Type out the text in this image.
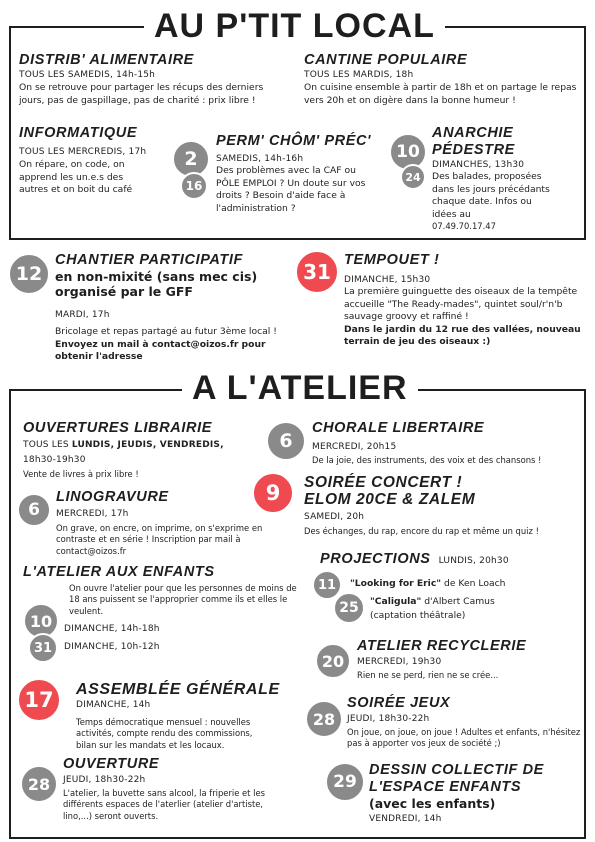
AU P'TIT LOCAL
DISTRIB' ALIMENTAIRE
TOUS LES SAMEDIS, 14h-15h
On se retrouve pour partager les récups des derniers jours, pas de gaspillage, pas de charité : prix libre !
CANTINE POPULAIRE
TOUS LES MARDIS, 18h
On cuisine ensemble à partir de 18h et on partage le repas vers 20h et on digère dans la bonne humeur !
INFORMATIQUE
TOUS LES MERCREDIS, 17h
On répare, on code, on apprend les un.e.s des autres et on boit du café
2
16
PERM' CHÔM' PRÉC'
SAMEDIS, 14h-16h
Des problèmes avec la CAF ou PÔLE EMPLOI ? Un doute sur vos droits ? Besoin d'aide face à l'administration ?
10
24
ANARCHIE
PÉDESTRE
DIMANCHES, 13h30
Des balades, proposées dans les jours précédants chaque date. Infos ou idées au
07.49.70.17.47
12
CHANTIER PARTICIPATIF
en non-mixité (sans mec cis) organisé par le GFF
MARDI, 17h
Bricolage et repas partagé au futur 3ème local !
Envoyez un mail à contact@oizos.fr pour obtenir l'adresse
31 TEMPOUET !
DIMANCHE, 15h30
La première guinguette des oiseaux de la tempête accueille "The Ready-mades", quintet soul/r'n'b sauvage groovy et raffiné !
Dans le jardin du 12 rue des vallées, nouveau terrain de jeu des oiseaux :)
A L'ATELIER
OUVERTURES LIBRAIRIE
TOUS LES LUNDIS, JEUDIS, VENDREDIS,
18h30-19h30
Vente de livres à prix libre !
6
LINOGRAVURE
MERCREDI, 17h
On grave, on encre, on imprime, on s'exprime en contraste et en série ! Inscription par mail à contact@oizos.fr
L'ATELIER AUX ENFANTS
On ouvre l'atelier pour que les personnes de moins de 18 ans puissent se l'approprier comme ils et elles le veulent.
10	DIMANCHE, 14h-18h
31	DIMANCHE, 10h-12h
17	ASSEMBLÉE GÉNÉRALE
DIMANCHE, 14h
Temps démocratique mensuel : nouvelles activités, compte rendu des commissions, bilan sur les mandats et les locaux.
28
OUVERTURE
JEUDI, 18h30-22h
L'atelier, la buvette sans alcool, la friperie et les différents espaces de l'aterlier (atelier d'artiste, lino,...) seront ouverts.
6
CHORALE LIBERTAIRE
MERCREDI, 20h15
De la joie, des instruments, des voix et des chansons !
9	SOIRÉE CONCERT !
ELOM 20CE & ZALEM
SAMEDI, 20h
Des échanges, du rap, encore du rap et même un quiz !
PROJECTIONS LUNDIS, 20h30
11	"Looking for Eric" de Ken Loach
25	"Caligula" d'Albert Camus
(captation théâtrale)
20
ATELIER RECYCLERIE
MERCREDI, 19h30
Rien ne se perd, rien ne se crée...
28
SOIRÉE JEUX
JEUDI, 18h30-22h
On joue, on joue, on joue ! Adultes et enfants, n'hésitez pas à apporter vos jeux de société ;)
29
DESSIN COLLECTIF DE
L'ESPACE ENFANTS
(avec les enfants)
VENDREDI, 14h
